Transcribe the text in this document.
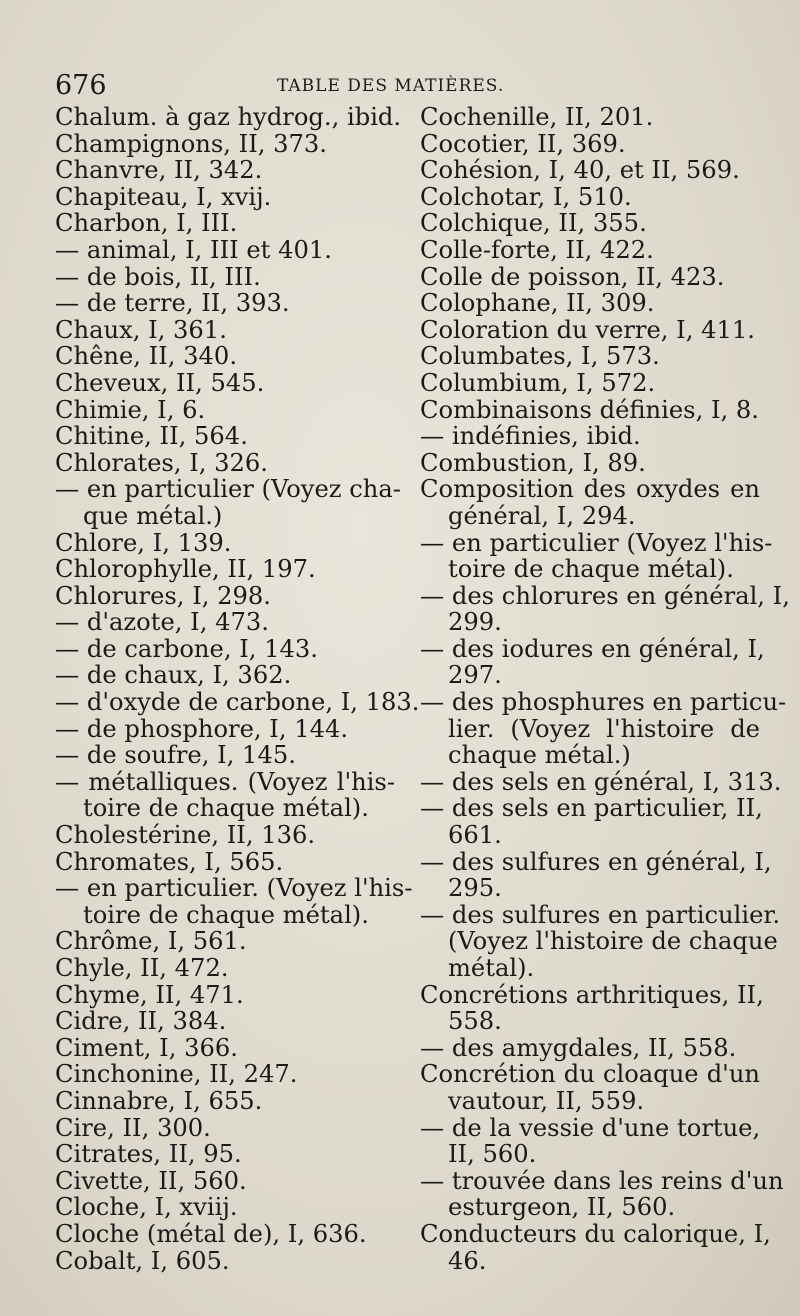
676	TABLE DES MATIÈRES.

Chalum. à gaz hydrog., ibid.

Champignons, II, 373.

Chanvre, II, 342.

Chapiteau, I, xvij.

Charbon, I, III.

— animal, I, III et 401.

— de bois, II, III.

— de terre, II, 393.

Chaux, I, 361.

Chêne, II, 340.

Cheveux, II, 545.

Chimie, I, 6.

Chitine, II, 564.

Chlorates, I, 326.

— en particulier (Voyez cha-

que métal.)

Chlore, I, 139.

Chlorophylle, II, 197.

Chlorures, I, 298.

— d'azote, I, 473.

— de carbone, I, 143.

— de chaux, I, 362.

— d'oxyde de carbone, I, 183.

— de phosphore, I, 144.

— de soufre, I, 145.

— métalliques. (Voyez l'his-

toire de chaque métal).

Cholestérine, II, 136.

Chromates, I, 565.

— en particulier. (Voyez l'his-

toire de chaque métal).

Chrôme, I, 561.

Chyle, II, 472.

Chyme, II, 471.

Cidre, II, 384.

Ciment, I, 366.

Cinchonine, II, 247.

Cinnabre, I, 655.

Cire, II, 300.

Citrates, II, 95.

Civette, II, 560.

Cloche, I, xviij.

Cloche (métal de), I, 636.

Cobalt, I, 605.

Cochenille, II, 201.

Cocotier, II, 369.

Cohésion, I, 40, et II, 569.

Colchotar, I, 510.

Colchique, II, 355.

Colle-forte, II, 422.

Colle de poisson, II, 423.

Colophane, II, 309.

Coloration du verre, I, 411.

Columbates, I, 573.

Columbium, I, 572.

Combinaisons définies, I, 8.

— indéfinies, ibid.

Combustion, I, 89.

Composition des oxydes en

général, I, 294.

— en particulier (Voyez l'his-

toire de chaque métal).

— des chlorures en général, I,

299.

— des iodures en général, I,

297.

— des phosphures en particu-

lier. (Voyez l'histoire de

chaque métal.)

— des sels en général, I, 313.

— des sels en particulier, II,

661.

— des sulfures en général, I,

295.

— des sulfures en particulier.

(Voyez l'histoire de chaque

métal).

Concrétions arthritiques, II,

558.

— des amygdales, II, 558.

Concrétion du cloaque d'un

vautour, II, 559.

— de la vessie d'une tortue,

II, 560.

— trouvée dans les reins d'un

esturgeon, II, 560.

Conducteurs du calorique, I,

46.
